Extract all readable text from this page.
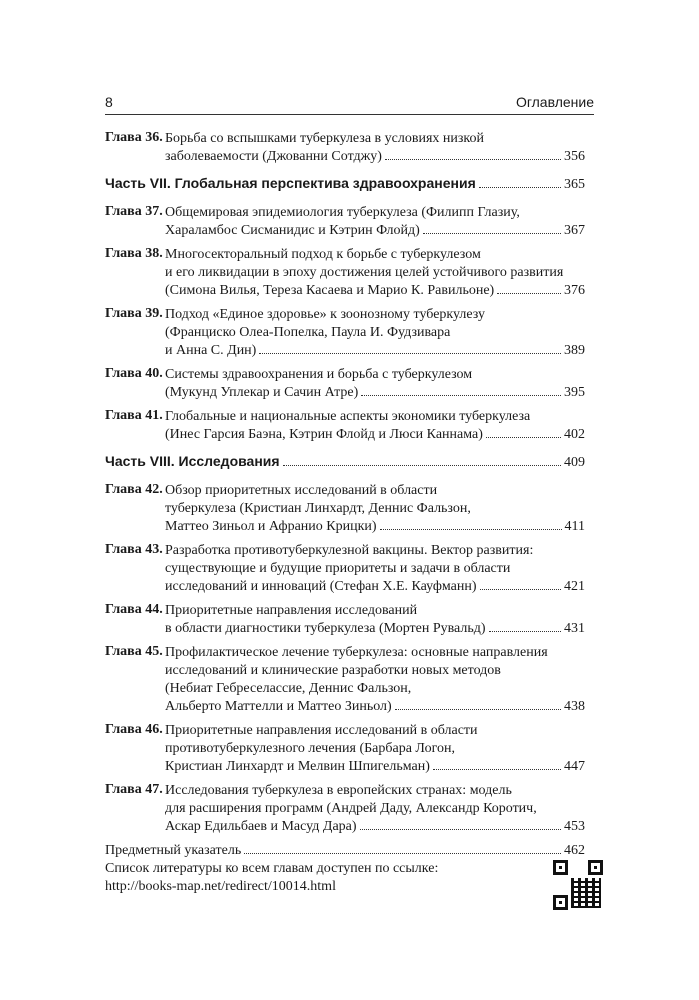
8	Оглавление
Глава 36. Борьба со вспышками туберкулеза в условиях низкой
заболеваемости (Джованни Сотджу)	356
Часть VII. Глобальная перспектива здравоохранения	365
Глава 37. Общемировая эпидемиология туберкулеза (Филипп Глазиу,
Хараламбос Сисманидис и Кэтрин Флойд)	367
Глава 38. Многосекторальный подход к борьбе с туберкулезом
и его ликвидации в эпоху достижения целей устойчивого развития
(Симона Вилья, Тереза Касаева и Марио К. Равильоне)	376
Глава 39. Подход «Единое здоровье» к зоонозному туберкулезу
(Франциско Олеа-Попелка, Паула И. Фудзивара
и Анна С. Дин)	389
Глава 40. Системы здравоохранения и борьба с туберкулезом
(Мукунд Уплекар и Сачин Атре)	395
Глава 41. Глобальные и национальные аспекты экономики туберкулеза
(Инес Гарсия Баэна, Кэтрин Флойд и Люси Каннама)	402
Часть VIII. Исследования	409
Глава 42. Обзор приоритетных исследований в области
туберкулеза (Кристиан Линхардт, Деннис Фальзон,
Маттео Зиньол и Афранио Крицки)	411
Глава 43. Разработка противотуберкулезной вакцины. Вектор развития:
существующие и будущие приоритеты и задачи в области
исследований и инноваций (Стефан Х.Е. Кауфманн)	421
Глава 44. Приоритетные направления исследований
в области диагностики туберкулеза (Мортен Рувальд)	431
Глава 45. Профилактическое лечение туберкулеза: основные направления
исследований и клинические разработки новых методов
(Небиат Гебреселассие, Деннис Фальзон,
Альберто Маттелли и Маттео Зиньол)	438
Глава 46. Приоритетные направления исследований в области
противотуберкулезного лечения (Барбара Логон,
Кристиан Линхардт и Мелвин Шпигельман)	447
Глава 47. Исследования туберкулеза в европейских странах: модель
для расширения программ (Андрей Даду, Александр Коротич,
Аскар Едильбаев и Масуд Дара)	453
Предметный указатель	462
Список литературы ко всем главам доступен по ссылке:
http://books-map.net/redirect/10014.html
